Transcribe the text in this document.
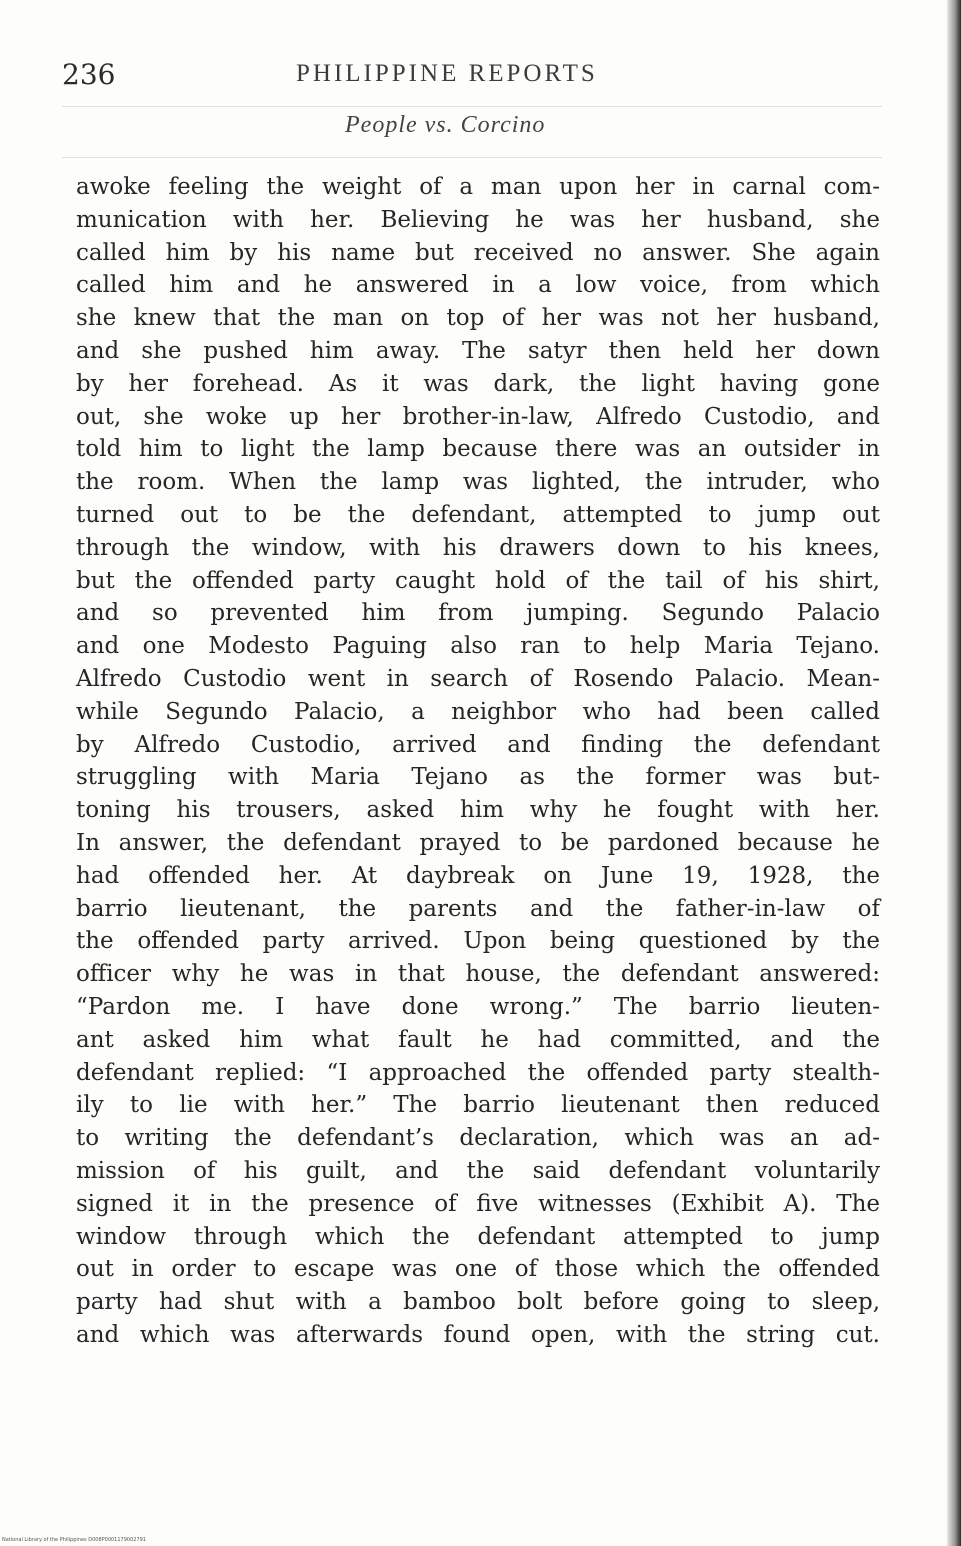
236	PHILIPPINE REPORTS
People vs. Corcino
awoke feeling the weight of a man upon her in carnal com-
munication with her. Believing he was her husband, she
called him by his name but received no answer. She again
called him and he answered in a low voice, from which
she knew that the man on top of her was not her husband,
and she pushed him away. The satyr then held her down
by her forehead. As it was dark, the light having gone
out, she woke up her brother-in-law, Alfredo Custodio, and
told him to light the lamp because there was an outsider in
the room. When the lamp was lighted, the intruder, who
turned out to be the defendant, attempted to jump out
through the window, with his drawers down to his knees,
but the offended party caught hold of the tail of his shirt,
and so prevented him from jumping. Segundo Palacio
and one Modesto Paguing also ran to help Maria Tejano.
Alfredo Custodio went in search of Rosendo Palacio. Mean-
while Segundo Palacio, a neighbor who had been called
by Alfredo Custodio, arrived and finding the defendant
struggling with Maria Tejano as the former was but-
toning his trousers, asked him why he fought with her.
In answer, the defendant prayed to be pardoned because he
had offended her. At daybreak on June 19, 1928, the
barrio lieutenant, the parents and the father-in-law of
the offended party arrived. Upon being questioned by the
officer why he was in that house, the defendant answered:
“Pardon me. I have done wrong.” The barrio lieuten-
ant asked him what fault he had committed, and the
defendant replied: “I approached the offended party stealth-
ily to lie with her.” The barrio lieutenant then reduced
to writing the defendant’s declaration, which was an ad-
mission of his guilt, and the said defendant voluntarily
signed it in the presence of five witnesses (Exhibit A). The
window through which the defendant attempted to jump
out in order to escape was one of those which the offended
party had shut with a bamboo bolt before going to sleep,
and which was afterwards found open, with the string cut.
National Library of the Philippines D008P0001179002791
